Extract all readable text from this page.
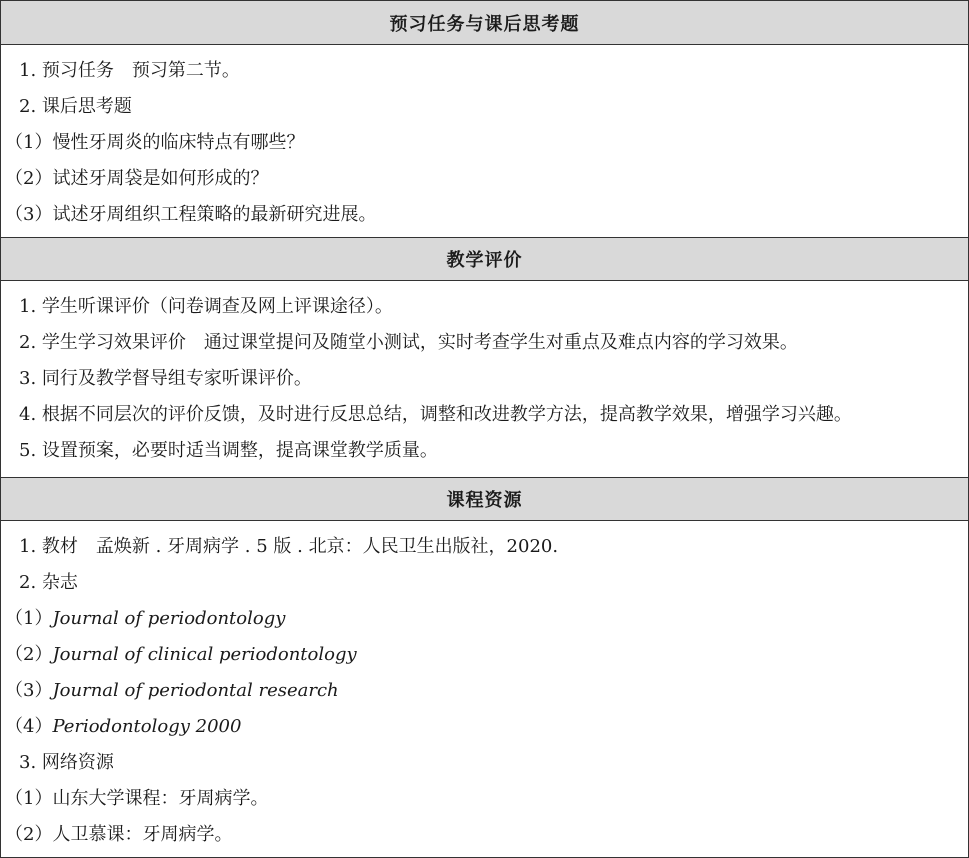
预习任务与课后思考题
1. 预习任务　预习第二节。
2. 课后思考题
（1）慢性牙周炎的临床特点有哪些？
（2）试述牙周袋是如何形成的？
（3）试述牙周组织工程策略的最新研究进展。
教学评价
1. 学生听课评价（问卷调查及网上评课途径）。
2. 学生学习效果评价　通过课堂提问及随堂小测试，实时考查学生对重点及难点内容的学习效果。
3. 同行及教学督导组专家听课评价。
4. 根据不同层次的评价反馈，及时进行反思总结，调整和改进教学方法，提高教学效果，增强学习兴趣。
5. 设置预案，必要时适当调整，提高课堂教学质量。
课程资源
1. 教材　孟焕新 . 牙周病学 . 5 版 . 北京：人民卫生出版社，2020.
2. 杂志
（1）Journal of periodontology
（2）Journal of clinical periodontology
（3）Journal of periodontal research
（4）Periodontology 2000
3. 网络资源
（1）山东大学课程：牙周病学。
（2）人卫慕课：牙周病学。
